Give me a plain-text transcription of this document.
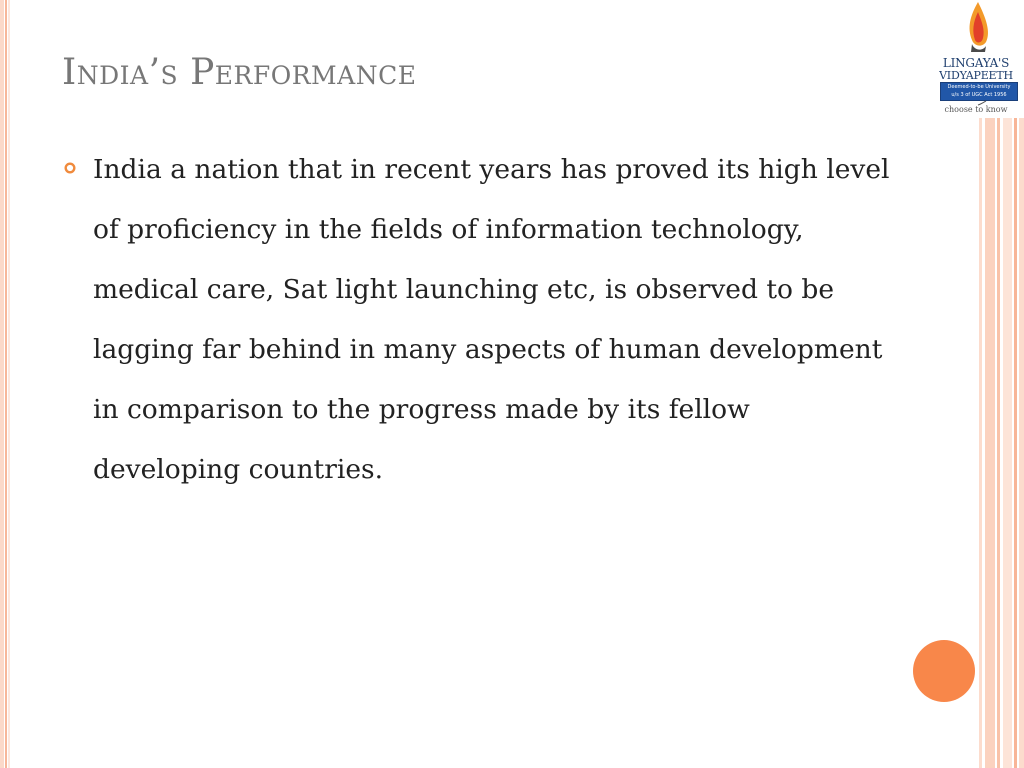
India’s Performance

India a nation that in recent years has proved its high level of proficiency in the fields of information technology, medical care, Sat light launching etc, is observed to be lagging far behind in many aspects of human development in comparison to the progress made by its fellow developing countries.

LINGAYA'S
VIDYAPEETH
Deemed-to-be University
u/s 3 of UGC Act 1956
choose to know
